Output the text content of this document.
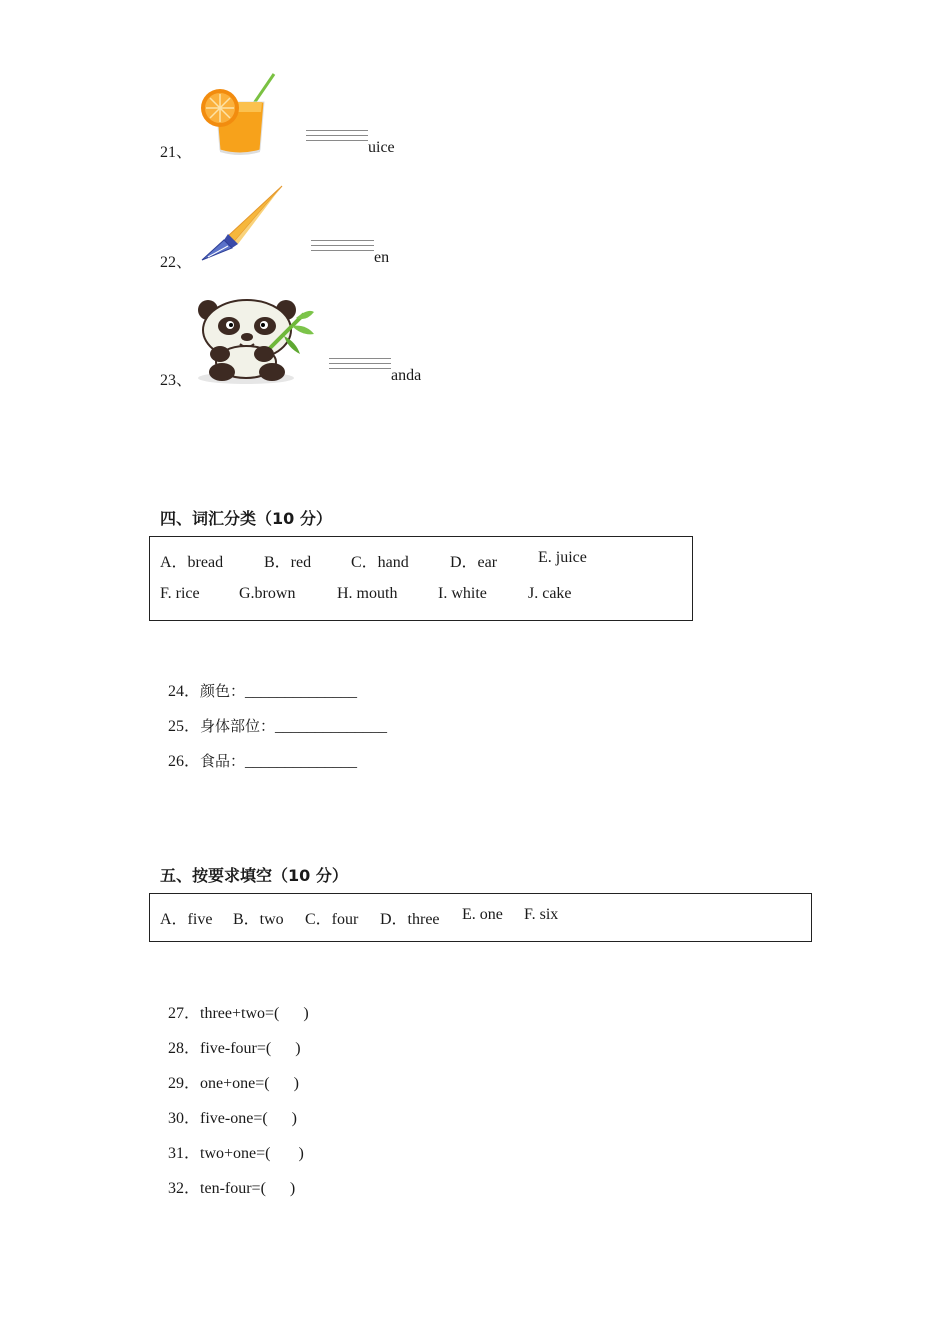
21、	uice
22、	en
23、	anda
四、词汇分类（10 分）
A．bread	B．red C．hand	D．ear	E. juice
F. rice G.brown	H. mouth	I. white	J. cake

24．颜色：______________

25．身体部位：______________

26．食品：______________

五、按要求填空（10 分）
A．five B．two C．four D．three E. one F. six

27．three+two=(      )

28．five-four=(      )

29．one+one=(      )

30．five-one=(      )

31．two+one=(       )

32．ten-four=(      )
